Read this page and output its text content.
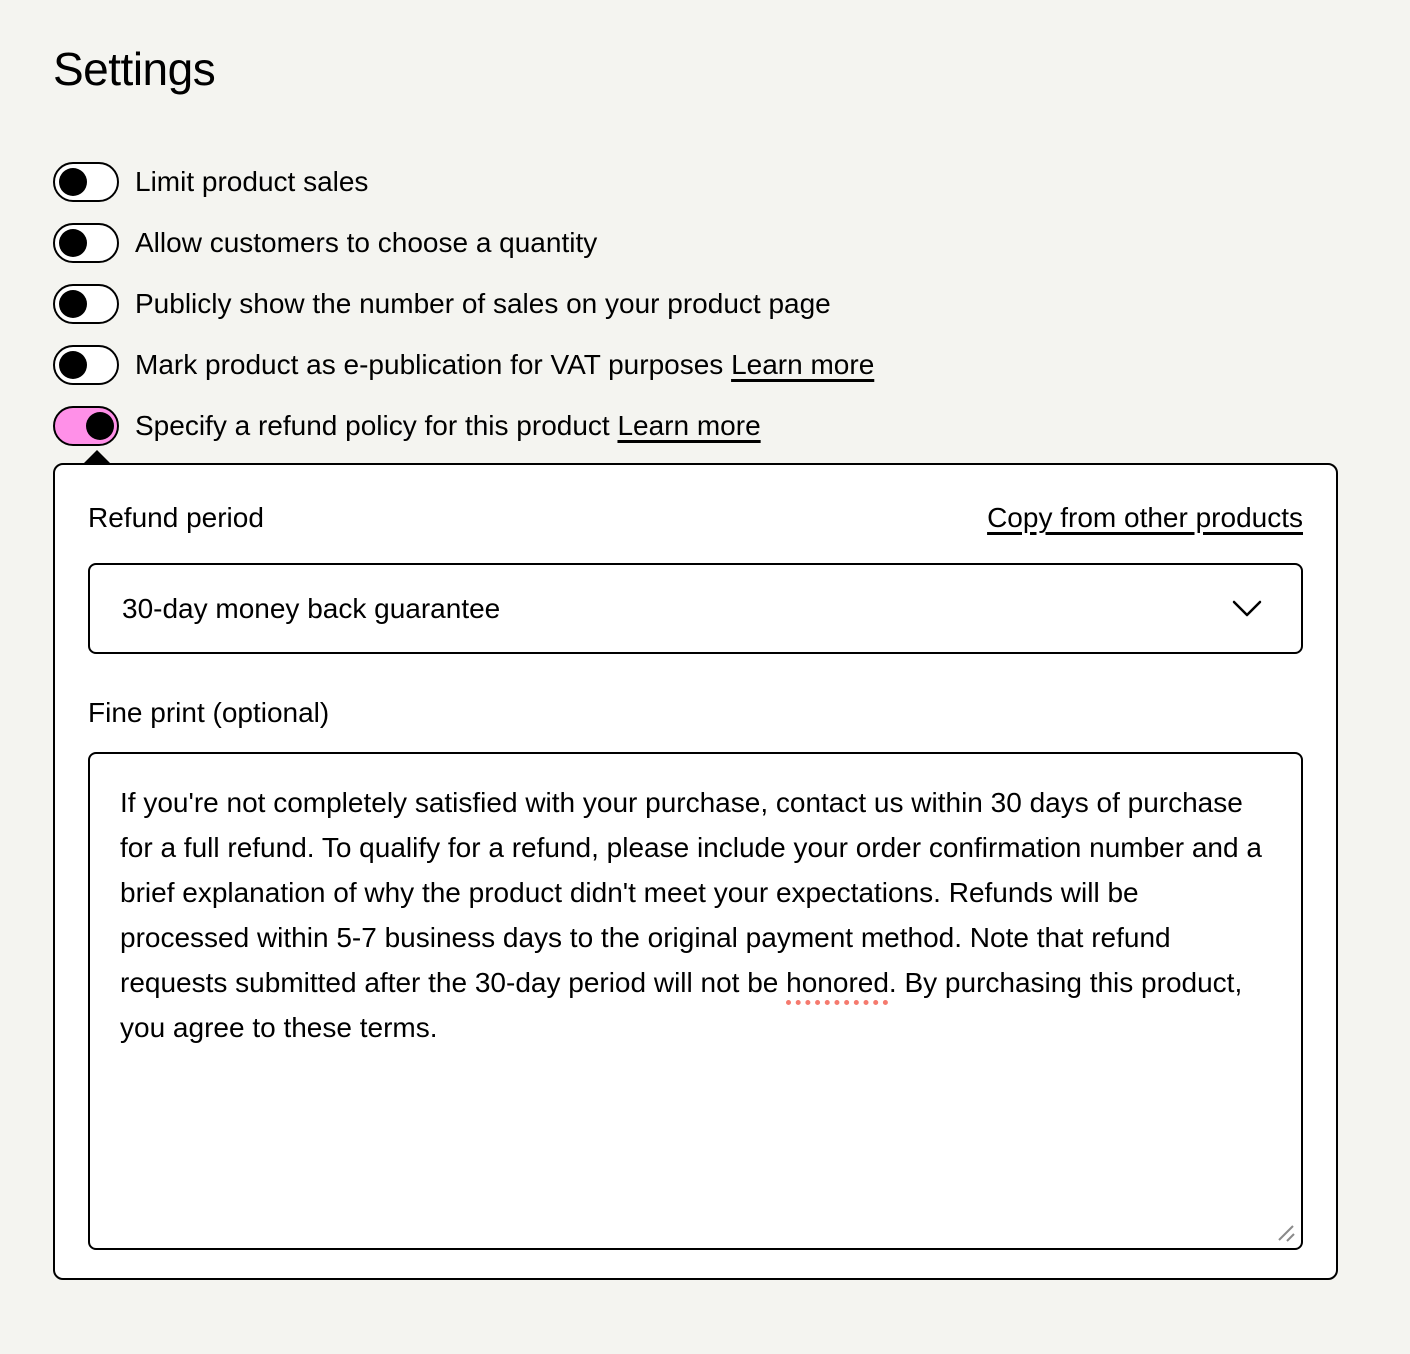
Settings
Limit product sales
Allow customers to choose a quantity
Publicly show the number of sales on your product page
Mark product as e-publication for VAT purposes Learn more
Specify a refund policy for this product Learn more
Refund period	Copy from other products
30-day money back guarantee
Fine print (optional)
If you're not completely satisfied with your purchase, contact us within 30 days of purchase for a full refund. To qualify for a refund, please include your order confirmation number and a brief explanation of why the product didn't meet your expectations. Refunds will be processed within 5-7 business days to the original payment method. Note that refund requests submitted after the 30-day period will not be honored. By purchasing this product, you agree to these terms.
